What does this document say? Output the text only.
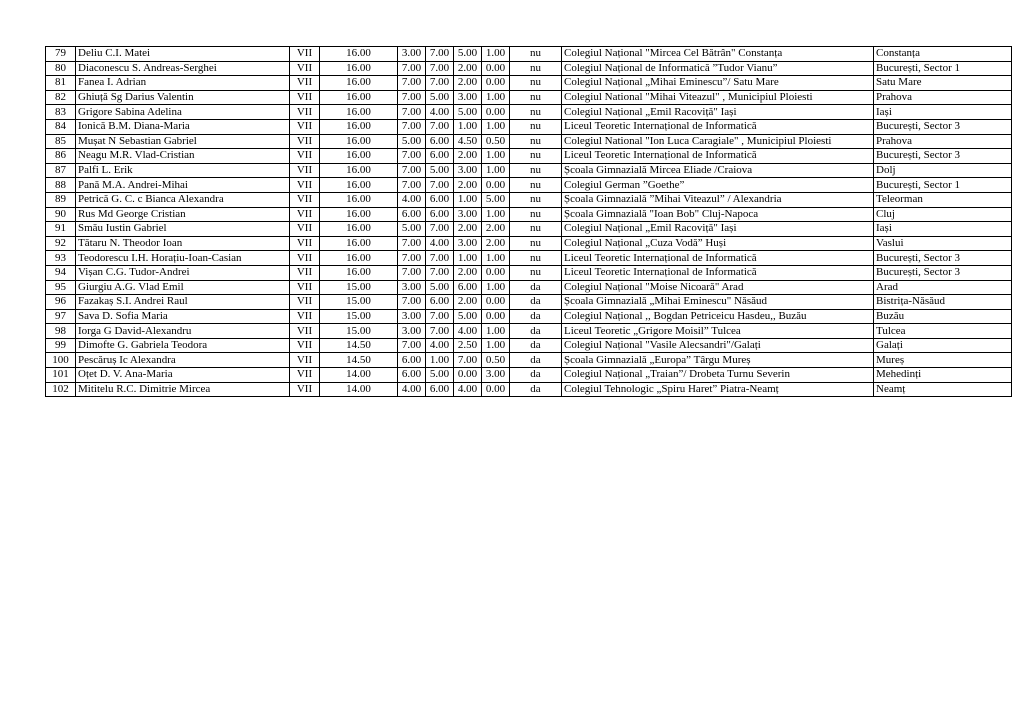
79	Deliu C.I. Matei	VII	16.00	3.00	7.00	5.00	1.00	nu	Colegiul Național "Mircea Cel Bătrân" Constanța	Constanța
80	Diaconescu S. Andreas-Serghei	VII	16.00	7.00	7.00	2.00	0.00	nu	Colegiul Național de Informatică ”Tudor Vianu”	București, Sector 1
81	Fanea I. Adrian	VII	16.00	7.00	7.00	2.00	0.00	nu	Colegiul Național „Mihai Eminescu”/ Satu Mare	Satu Mare
82	Ghiuță Sg Darius Valentin	VII	16.00	7.00	5.00	3.00	1.00	nu	Colegiul National "Mihai Viteazul" , Municipiul Ploiesti	Prahova
83	Grigore Sabina Adelina	VII	16.00	7.00	4.00	5.00	0.00	nu	Colegiul Național „Emil Racoviță" Iași	Iași
84	Ionică B.M. Diana-Maria	VII	16.00	7.00	7.00	1.00	1.00	nu	Liceul Teoretic Internațional de Informatică	București, Sector 3
85	Mușat N Sebastian Gabriel	VII	16.00	5.00	6.00	4.50	0.50	nu	Colegiul National "Ion Luca Caragiale" , Municipiul Ploiesti	Prahova
86	Neagu M.R. Vlad-Cristian	VII	16.00	7.00	6.00	2.00	1.00	nu	Liceul Teoretic Internațional de Informatică	București, Sector 3
87	Palfi L. Erik	VII	16.00	7.00	5.00	3.00	1.00	nu	Școala Gimnazială Mircea Eliade /Craiova	Dolj
88	Pană M.A. Andrei-Mihai	VII	16.00	7.00	7.00	2.00	0.00	nu	Colegiul German ”Goethe”	București, Sector 1
89	Petrică G. C. c Bianca Alexandra	VII	16.00	4.00	6.00	1.00	5.00	nu	Școala Gimnazială ”Mihai Viteazul” / Alexandria	Teleorman
90	Rus Md George Cristian	VII	16.00	6.00	6.00	3.00	1.00	nu	Școala Gimnazială "Ioan Bob" Cluj-Napoca	Cluj
91	Smău Iustin Gabriel	VII	16.00	5.00	7.00	2.00	2.00	nu	Colegiul Național „Emil Racoviță" Iași	Iași
92	Tătaru N. Theodor Ioan	VII	16.00	7.00	4.00	3.00	2.00	nu	Colegiul Național „Cuza Vodă” Huși	Vaslui
93	Teodorescu I.H. Horațiu-Ioan-Casian	VII	16.00	7.00	7.00	1.00	1.00	nu	Liceul Teoretic Internațional de Informatică	București, Sector 3
94	Vișan C.G. Tudor-Andrei	VII	16.00	7.00	7.00	2.00	0.00	nu	Liceul Teoretic Internațional de Informatică	București, Sector 3
95	Giurgiu A.G. Vlad Emil	VII	15.00	3.00	5.00	6.00	1.00	da	Colegiul Național "Moise Nicoară" Arad	Arad
96	Fazakaș S.I. Andrei Raul	VII	15.00	7.00	6.00	2.00	0.00	da	Școala Gimnazială „Mihai Eminescu" Năsăud	Bistrița-Năsăud
97	Sava D. Sofia Maria	VII	15.00	3.00	7.00	5.00	0.00	da	Colegiul Național ,, Bogdan Petriceicu Hasdeu,, Buzău	Buzău
98	Iorga G David-Alexandru	VII	15.00	3.00	7.00	4.00	1.00	da	Liceul Teoretic „Grigore Moisil” Tulcea	Tulcea
99	Dimofte G. Gabriela Teodora	VII	14.50	7.00	4.00	2.50	1.00	da	Colegiul Național "Vasile Alecsandri"/Galați	Galați
100	Pescăruș Ic Alexandra	VII	14.50	6.00	1.00	7.00	0.50	da	Școala Gimnazială „Europa” Târgu Mureș	Mureș
101	Oțet D. V. Ana-Maria	VII	14.00	6.00	5.00	0.00	3.00	da	Colegiul Național „Traian”/ Drobeta Turnu Severin	Mehedinți
102	Mititelu R.C. Dimitrie Mircea	VII	14.00	4.00	6.00	4.00	0.00	da	Colegiul Tehnologic „Spiru Haret” Piatra-Neamț	Neamț
